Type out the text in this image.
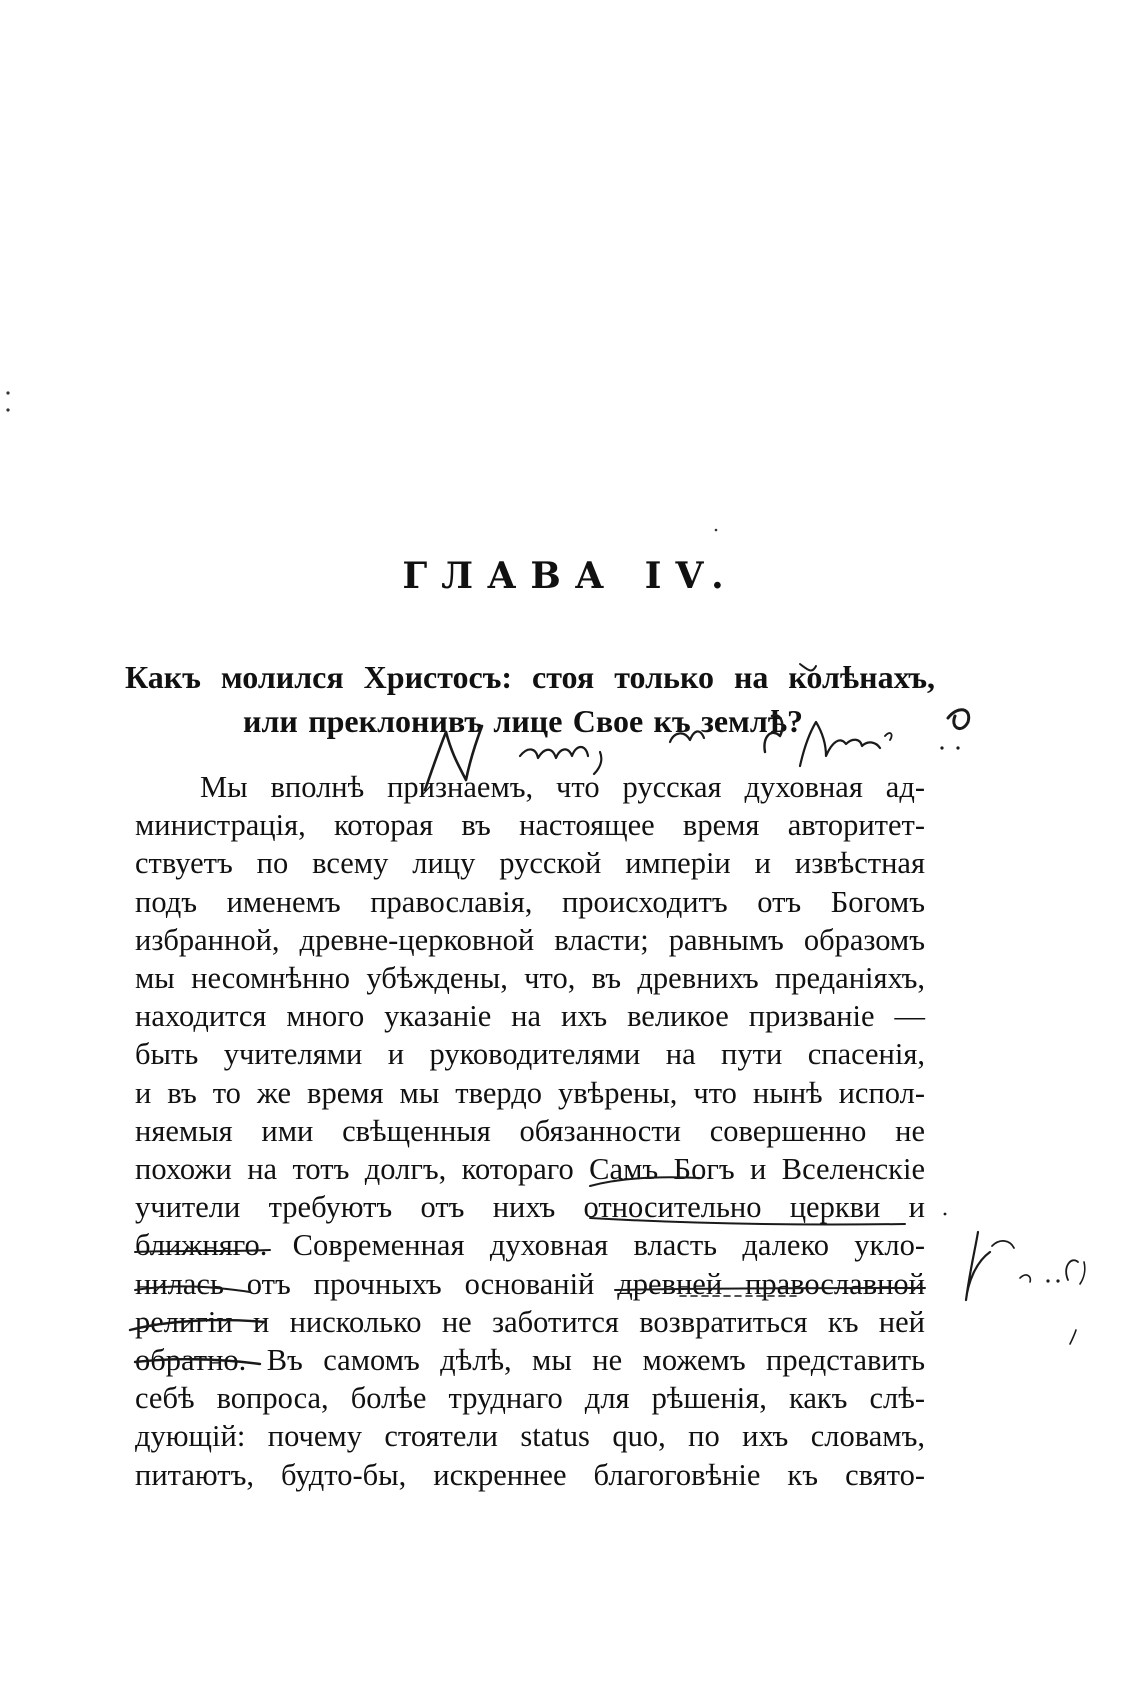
ГЛАВА IV.
Какъ молился Христосъ: стоя только на колѣнахъ,
или преклонивъ лице Свое къ землѣ?
Мы вполнѣ признаемъ, что русская духовная ад-
министрація, которая въ настоящее время авторитет-
ствуетъ по всему лицу русской имперіи и извѣстная
подъ именемъ православія, происходитъ отъ Богомъ
избранной, древне-церковной власти; равнымъ образомъ
мы несомнѣнно убѣждены, что, въ древнихъ преданіяхъ,
находится много указаніе на ихъ великое призваніе —
быть учителями и руководителями на пути спасенія,
и въ то же время мы твердо увѣрены, что нынѣ испол-
няемыя ими свѣщенныя обязанности совершенно не
похожи на тотъ долгъ, котораго Самъ Богъ и Вселенскіе
учители требуютъ отъ нихъ относительно церкви и
ближняго. Современная духовная власть далеко укло-
нилась отъ прочныхъ основаній древней православной
религіи и нисколько не заботится возвратиться къ ней
обратно. Въ самомъ дѣлѣ, мы не можемъ представить
себѣ вопроса, болѣе труднаго для рѣшенія, какъ слѣ-
дующій: почему стоятели status quo, по ихъ словамъ,
питаютъ, будто-бы, искреннее благоговѣніе къ свято-
